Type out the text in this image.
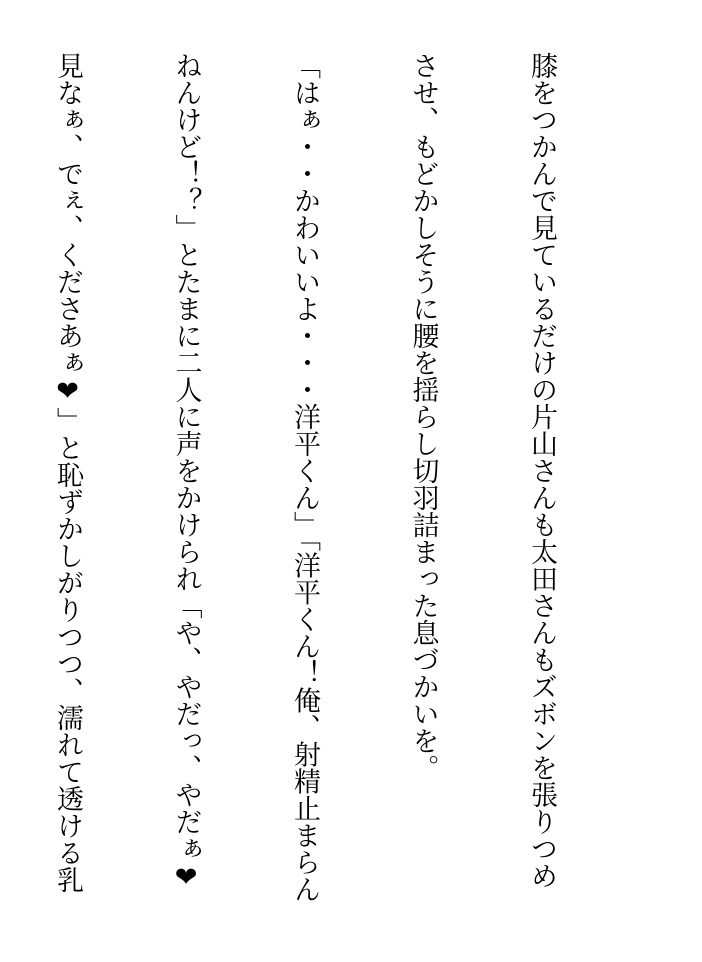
膝をつかんで見ているだけの片山さんも太田さんもズボンを張りつめ

させ、もどかしそうに腰を揺らし切羽詰まった息づかいを。

「はぁ・・かわいいよ・・・洋平くん」「洋平くん！俺、射精止まらん

ねんけど！？」とたまに二人に声をかけられ「や、やだっ、やだぁ❤

見なぁ、でぇ、くださあぁ❤」と恥ずかしがりつつ、濡れて透ける乳
